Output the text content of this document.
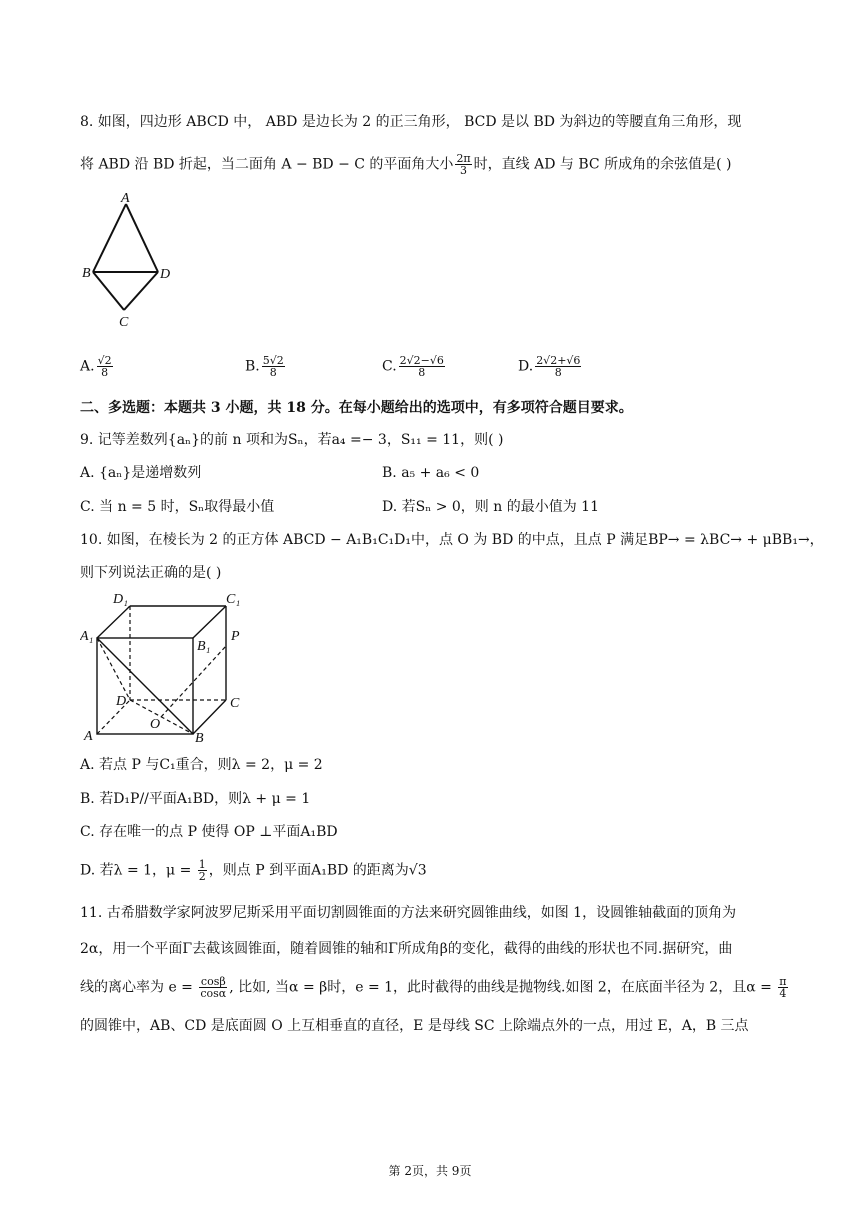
8. 如图，四边形 ABCD 中， ABD 是边长为 2 的正三角形， BCD 是以 BD 为斜边的等腰直角三角形，现
将 ABD 沿 BD 折起，当二面角 A − BD − C 的平面角大小 $\frac{2\pi}{3}$ 时，直线 AD 与 BC 所成角的余弦值是( )
A
B	D
C
A. $\frac{√2}{8}$	B. $\frac{5√2}{8}$	C. $\frac{2√2-√6}{8}$	D. $\frac{2√2+√6}{8}$
二、多选题：本题共 3 小题，共 18 分。在每小题给出的选项中，有多项符合题目要求。
9. 记等差数列{aₙ}的前 n 项和为Sₙ，若a₄ =− 3，S₁₁ = 11，则( )
A. {aₙ}是递增数列	B. a₅ + a₆ < 0
C. 当 n = 5 时，Sₙ取得最小值	D. 若Sₙ > 0，则 n 的最小值为 11
10. 如图，在棱长为 2 的正方体 ABCD − A₁B₁C₁D₁中，点 O 为 BD 的中点，且点 P 满足BP→ = λBC→ + μBB₁→，
则下列说法正确的是( )
D₁	C₁
A₁
B₁
P
D	C
O
A	B
A. 若点 P 与C₁重合，则λ = 2，μ = 2
B. 若D₁P//平面A₁BD，则λ + μ = 1
C. 存在唯一的点 P 使得 OP ⊥平面A₁BD
D. 若λ = 1，$\mu = \frac{1}{2}$ ，则点 P 到平面A₁BD 的距离为√3
11. 古希腊数学家阿波罗尼斯采用平面切割圆锥面的方法来研究圆锥曲线，如图 1，设圆锥轴截面的顶角为
2α，用一个平面Γ去截该圆锥面，随着圆锥的轴和Γ所成角β的变化，截得的曲线的形状也不同.据研究，曲
线的离心率为 $e = \frac{\cos\beta}{\cos\alpha}$ , 比如, 当α = β时，e = 1，此时截得的曲线是抛物线.如图 2，在底面半径为 2，且$\alpha = \frac{\pi}{4}$
的圆锥中，AB、CD 是底面圆 O 上互相垂直的直径，E 是母线 SC 上除端点外的一点，用过 E，A，B 三点
第 2页，共 9页
